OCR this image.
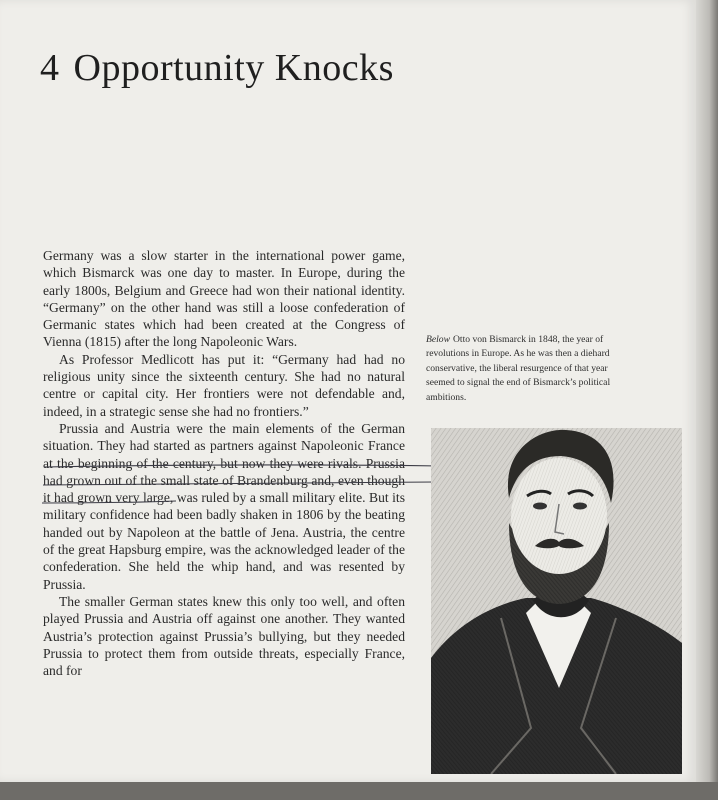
4 Opportunity Knocks

Germany was a slow starter in the international power game, which Bismarck was one day to master. In Europe, during the early 1800s, Belgium and Greece had won their national identity. “Germany” on the other hand was still a loose confederation of Germanic states which had been created at the Congress of Vienna (1815) after the long Napoleonic Wars.

As Professor Medlicott has put it: “Germany had had no religious unity since the sixteenth century. She had no natural centre or capital city. Her frontiers were not defendable and, indeed, in a strategic sense she had no frontiers.”

Prussia and Austria were the main elements of the German situation. They had started as partners against Napoleonic France at the beginning of the century, but now they were rivals. Prussia had grown out of the small state of Brandenburg and, even though it had grown very large, was ruled by a small military elite. But its military confidence had been badly shaken in 1806 by the beating handed out by Napoleon at the battle of Jena. Austria, the centre of the great Hapsburg empire, was the acknowledged leader of the confederation. She held the whip hand, and was resented by Prussia.

The smaller German states knew this only too well, and often played Prussia and Austria off against one another. They wanted Austria’s protection against Prussia’s bullying, but they needed Prussia to protect them from outside threats, especially France, and for

Below Otto von Bismarck in 1848, the year of revolutions in Europe. As he was then a diehard conservative, the liberal resurgence of that year seemed to signal the end of Bismarck’s political ambitions.
